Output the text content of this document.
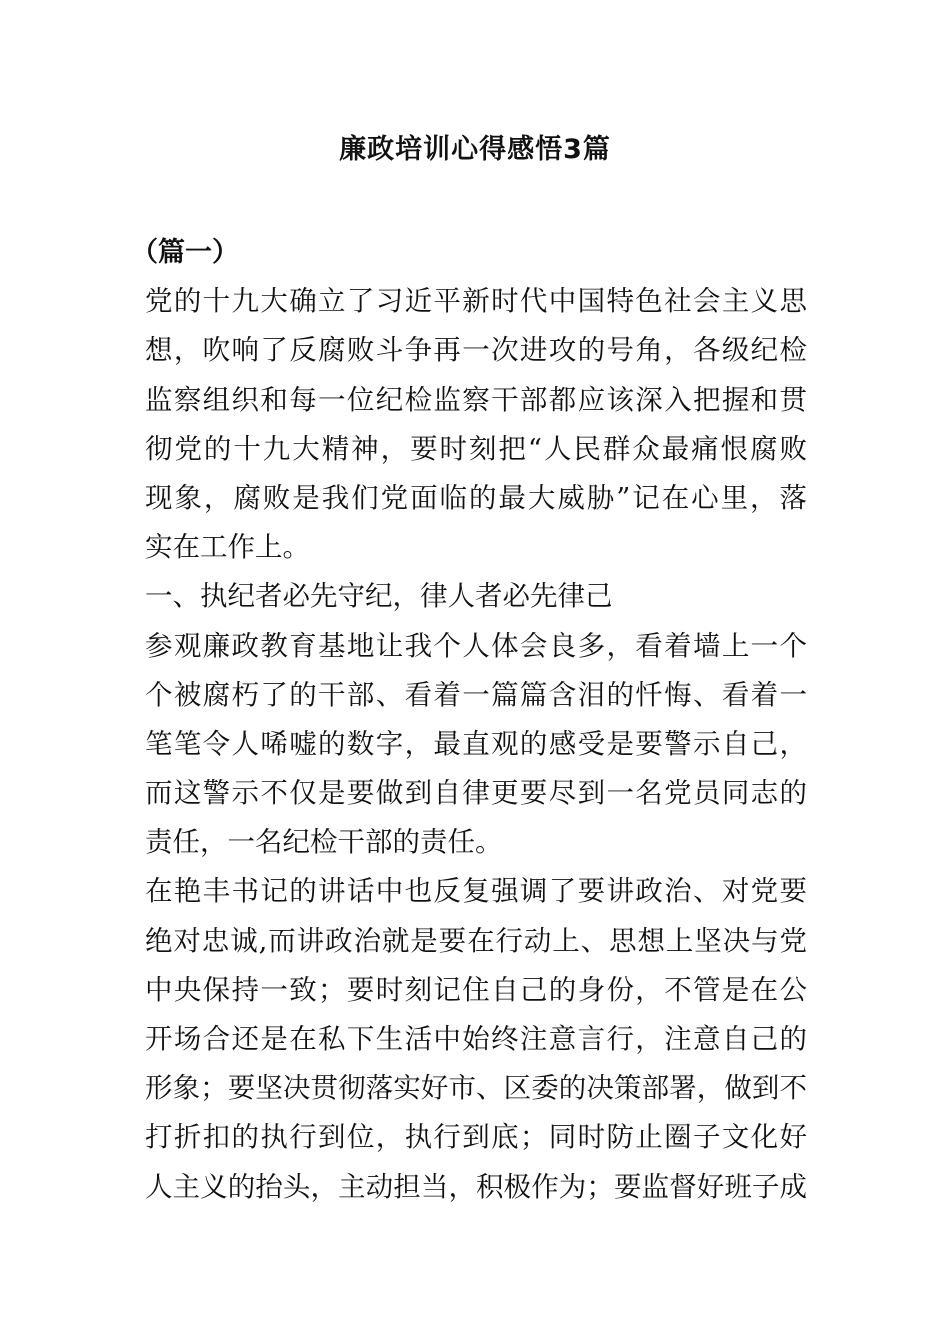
廉政培训心得感悟3篇
（篇一）
党的十九大确立了习近平新时代中国特色社会主义思
想，吹响了反腐败斗争再一次进攻的号角，各级纪检
监察组织和每一位纪检监察干部都应该深入把握和贯
彻党的十九大精神，要时刻把“人民群众最痛恨腐败
现象，腐败是我们党面临的最大威胁”记在心里，落
实在工作上。
一、执纪者必先守纪，律人者必先律己
参观廉政教育基地让我个人体会良多，看着墙上一个
个被腐朽了的干部、看着一篇篇含泪的忏悔、看着一
笔笔令人唏嘘的数字，最直观的感受是要警示自己，
而这警示不仅是要做到自律更要尽到一名党员同志的
责任，一名纪检干部的责任。
在艳丰书记的讲话中也反复强调了要讲政治、对党要
绝对忠诚,而讲政治就是要在行动上、思想上坚决与党
中央保持一致；要时刻记住自己的身份，不管是在公
开场合还是在私下生活中始终注意言行，注意自己的
形象；要坚决贯彻落实好市、区委的决策部署，做到不
打折扣的执行到位，执行到底；同时防止圈子文化好
人主义的抬头，主动担当，积极作为；要监督好班子成
